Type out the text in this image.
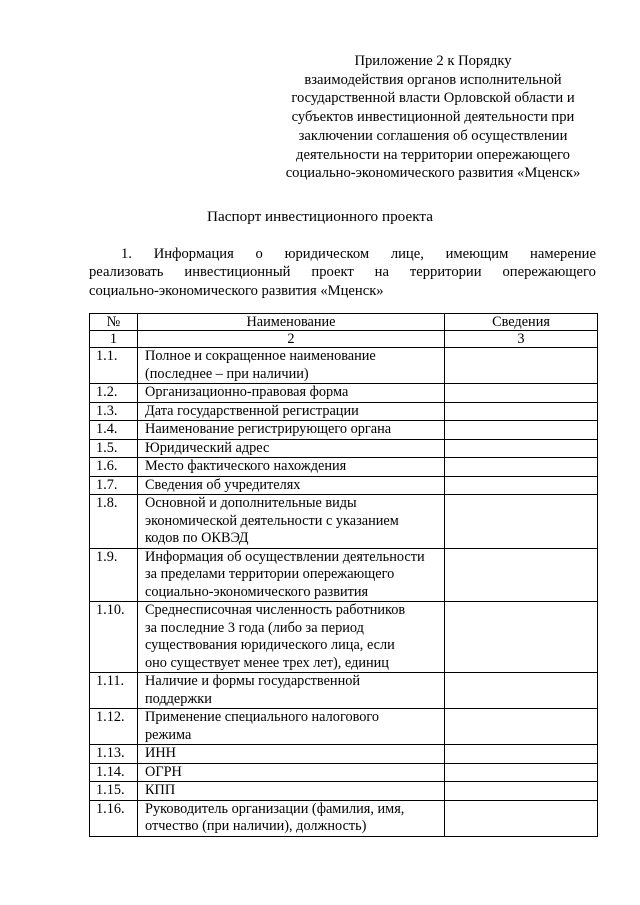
Приложение 2 к Порядку
взаимодействия органов исполнительной
государственной власти Орловской области и
субъектов инвестиционной деятельности при
заключении соглашения об осуществлении
деятельности на территории опережающего
социально-экономического развития «Мценск»
Паспорт инвестиционного проекта
1. Информация о юридическом лице, имеющим намерение
реализовать инвестиционный проект на территории опережающего
социально-экономического развития «Мценск»
№	Наименование	Сведения
1	2	3
1.1.	Полное и сокращенное наименование
(последнее – при наличии)	

1.2.	Организационно-правовая форма	

1.3.	Дата государственной регистрации	

1.4.	Наименование регистрирующего органа	

1.5.	Юридический адрес	

1.6.	Место фактического нахождения	

1.7.	Сведения об учредителях	

1.8.	Основной и дополнительные виды
экономической деятельности с указанием
кодов по ОКВЭД	

1.9.	Информация об осуществлении деятельности
за пределами территории опережающего
социально-экономического развития	

1.10.	Среднесписочная численность работников
за последние 3 года (либо за период
существования юридического лица, если
оно существует менее трех лет), единиц	

1.11.	Наличие и формы государственной
поддержки	

1.12.	Применение специального налогового
режима	

1.13.	ИНН	

1.14.	ОГРН	

1.15.	КПП	

1.16.	Руководитель организации (фамилия, имя,
отчество (при наличии), должность)	
